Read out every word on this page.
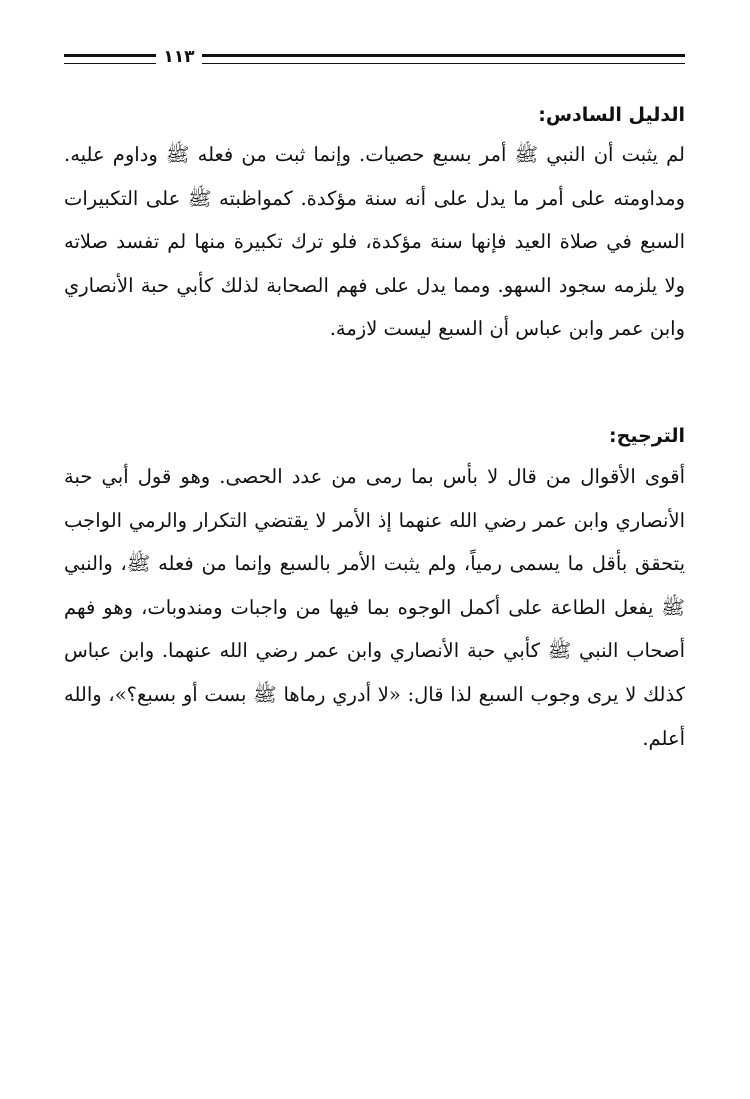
١١٣
الدليل السادس:
لم يثبت أن النبي ﷺ أمر بسبع حصيات. وإنما ثبت من فعله ﷺ وداوم عليه. ومداومته على أمر ما يدل على أنه سنة مؤكدة. كمواظبته ﷺ على التكبيرات السبع في صلاة العيد فإنها سنة مؤكدة، فلو ترك تكبيرة منها لم تفسد صلاته ولا يلزمه سجود السهو. ومما يدل على فهم الصحابة لذلك كأبي حبة الأنصاري وابن عمر وابن عباس أن السبع ليست لازمة.
الترجيح:
أقوى الأقوال من قال لا بأس بما رمى من عدد الحصى. وهو قول أبي حبة الأنصاري وابن عمر رضي الله عنهما إذ الأمر لا يقتضي التكرار والرمي الواجب يتحقق بأقل ما يسمى رمياً، ولم يثبت الأمر بالسبع وإنما من فعله ﷺ، والنبي ﷺ يفعل الطاعة على أكمل الوجوه بما فيها من واجبات ومندوبات، وهو فهم أصحاب النبي ﷺ كأبي حبة الأنصاري وابن عمر رضي الله عنهما. وابن عباس كذلك لا يرى وجوب السبع لذا قال: «لا أدري رماها ﷺ بست أو بسبع؟»، والله أعلم.
